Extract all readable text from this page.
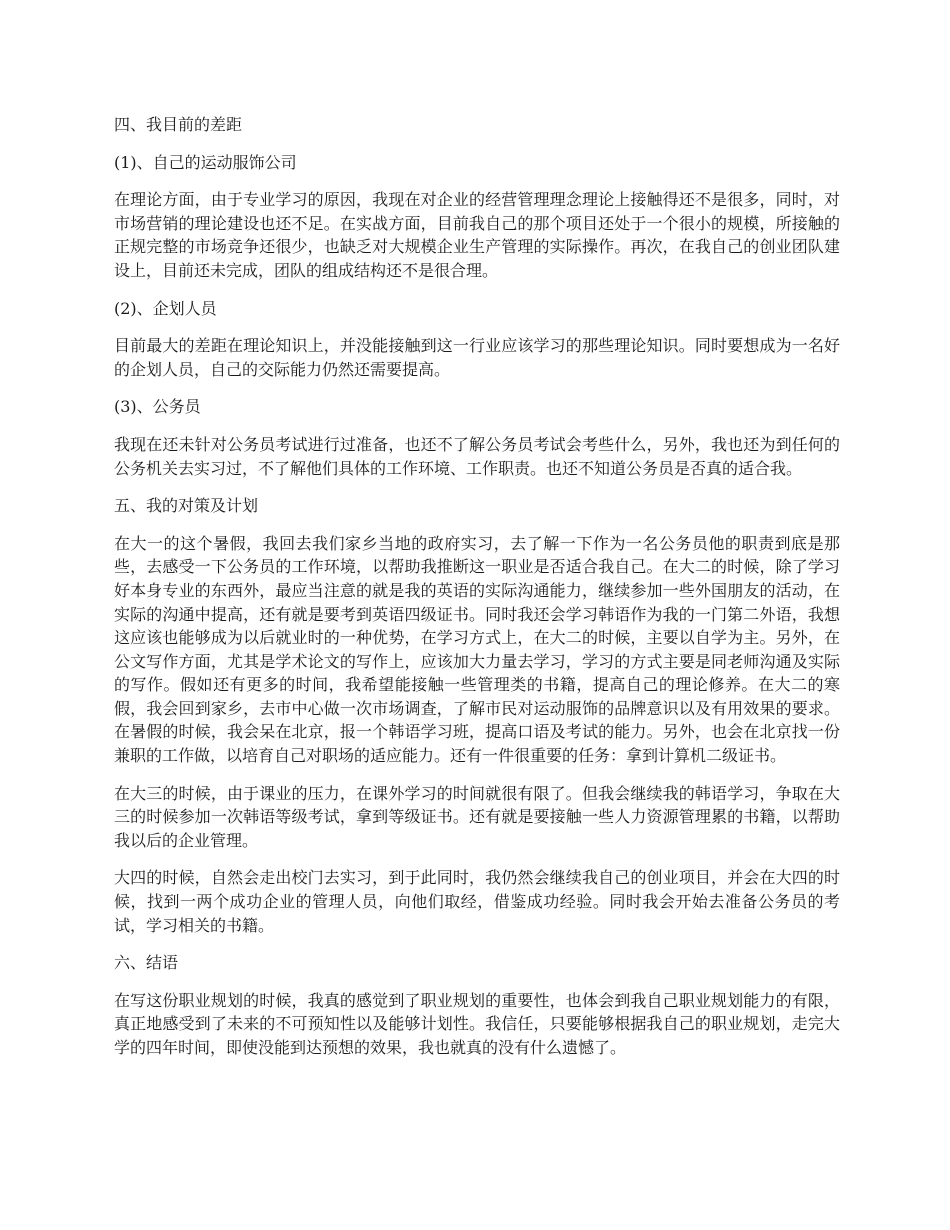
四、我目前的差距

(1)、自己的运动服饰公司

在理论方面，由于专业学习的原因，我现在对企业的经营管理理念理论上接触得还不是很多，同时，对市场营销的理论建设也还不足。在实战方面，目前我自己的那个项目还处于一个很小的规模，所接触的正规完整的市场竞争还很少，也缺乏对大规模企业生产管理的实际操作。再次，在我自己的创业团队建设上，目前还未完成，团队的组成结构还不是很合理。

(2)、企划人员

目前最大的差距在理论知识上，并没能接触到这一行业应该学习的那些理论知识。同时要想成为一名好的企划人员，自己的交际能力仍然还需要提高。

(3)、公务员

我现在还未针对公务员考试进行过准备，也还不了解公务员考试会考些什么，另外，我也还为到任何的公务机关去实习过，不了解他们具体的工作环境、工作职责。也还不知道公务员是否真的适合我。

五、我的对策及计划

在大一的这个暑假，我回去我们家乡当地的政府实习，去了解一下作为一名公务员他的职责到底是那些，去感受一下公务员的工作环境，以帮助我推断这一职业是否适合我自己。在大二的时候，除了学习好本身专业的东西外，最应当注意的就是我的英语的实际沟通能力，继续参加一些外国朋友的活动，在实际的沟通中提高，还有就是要考到英语四级证书。同时我还会学习韩语作为我的一门第二外语，我想这应该也能够成为以后就业时的一种优势，在学习方式上，在大二的时候，主要以自学为主。另外，在公文写作方面，尤其是学术论文的写作上，应该加大力量去学习，学习的方式主要是同老师沟通及实际的写作。假如还有更多的时间，我希望能接触一些管理类的书籍，提高自己的理论修养。在大二的寒假，我会回到家乡，去市中心做一次市场调查，了解市民对运动服饰的品牌意识以及有用效果的要求。在暑假的时候，我会呆在北京，报一个韩语学习班，提高口语及考试的能力。另外，也会在北京找一份兼职的工作做，以培育自己对职场的适应能力。还有一件很重要的任务：拿到计算机二级证书。

在大三的时候，由于课业的压力，在课外学习的时间就很有限了。但我会继续我的韩语学习，争取在大三的时候参加一次韩语等级考试，拿到等级证书。还有就是要接触一些人力资源管理累的书籍，以帮助我以后的企业管理。

大四的时候，自然会走出校门去实习，到于此同时，我仍然会继续我自己的创业项目，并会在大四的时候，找到一两个成功企业的管理人员，向他们取经，借鉴成功经验。同时我会开始去准备公务员的考试，学习相关的书籍。

六、结语

在写这份职业规划的时候，我真的感觉到了职业规划的重要性，也体会到我自己职业规划能力的有限，真正地感受到了未来的不可预知性以及能够计划性。我信任，只要能够根据我自己的职业规划，走完大学的四年时间，即使没能到达预想的效果，我也就真的没有什么遗憾了。
